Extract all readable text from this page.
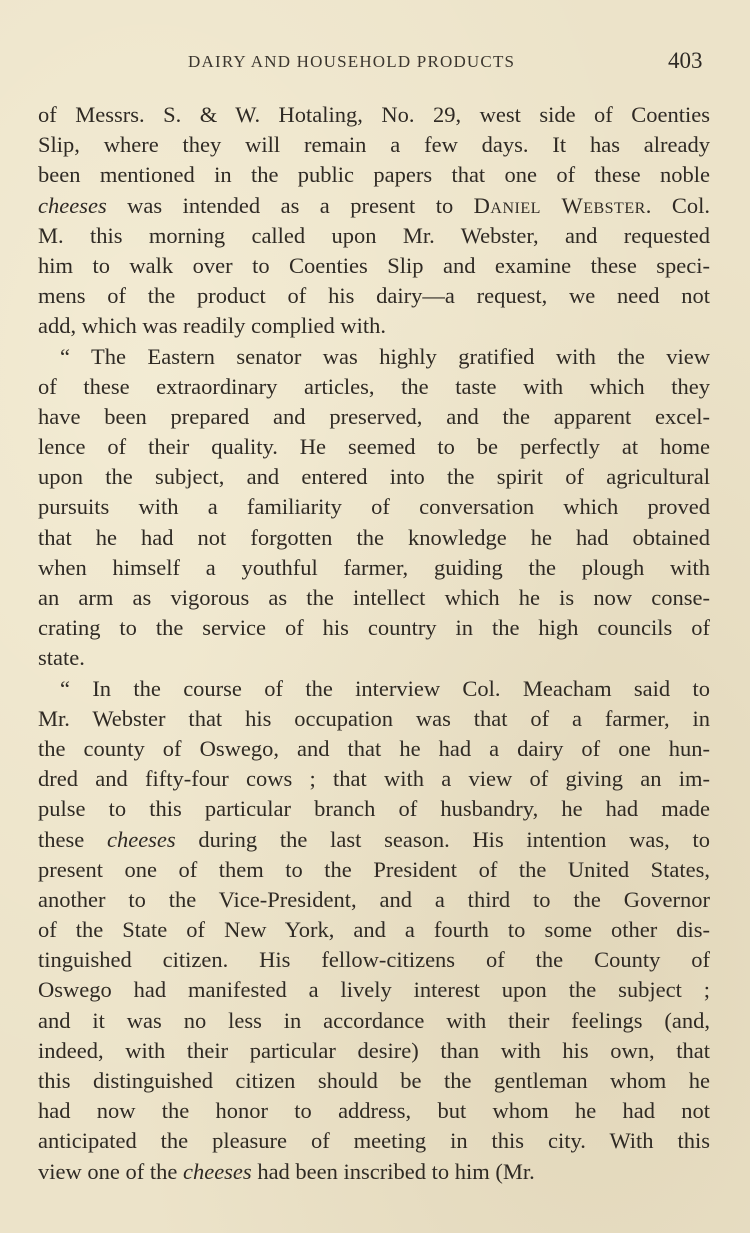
DAIRY AND HOUSEHOLD PRODUCTS	403
of Messrs. S. & W. Hotaling, No. 29, west side of Coenties
Slip, where they will remain a few days. It has already
been mentioned in the public papers that one of these noble
cheeses was intended as a present to Daniel Webster. Col.
M. this morning called upon Mr. Webster, and requested
him to walk over to Coenties Slip and examine these speci-
mens of the product of his dairy—a request, we need not
add, which was readily complied with.
“ The Eastern senator was highly gratified with the view
of these extraordinary articles, the taste with which they
have been prepared and preserved, and the apparent excel-
lence of their quality. He seemed to be perfectly at home
upon the subject, and entered into the spirit of agricultural
pursuits with a familiarity of conversation which proved
that he had not forgotten the knowledge he had obtained
when himself a youthful farmer, guiding the plough with
an arm as vigorous as the intellect which he is now conse-
crating to the service of his country in the high councils of
state.
“ In the course of the interview Col. Meacham said to
Mr. Webster that his occupation was that of a farmer, in
the county of Oswego, and that he had a dairy of one hun-
dred and fifty-four cows ; that with a view of giving an im-
pulse to this particular branch of husbandry, he had made
these cheeses during the last season. His intention was, to
present one of them to the President of the United States,
another to the Vice-President, and a third to the Governor
of the State of New York, and a fourth to some other dis-
tinguished citizen. His fellow-citizens of the County of
Oswego had manifested a lively interest upon the subject ;
and it was no less in accordance with their feelings (and,
indeed, with their particular desire) than with his own, that
this distinguished citizen should be the gentleman whom he
had now the honor to address, but whom he had not
anticipated the pleasure of meeting in this city. With this
view one of the cheeses had been inscribed to him (Mr.
